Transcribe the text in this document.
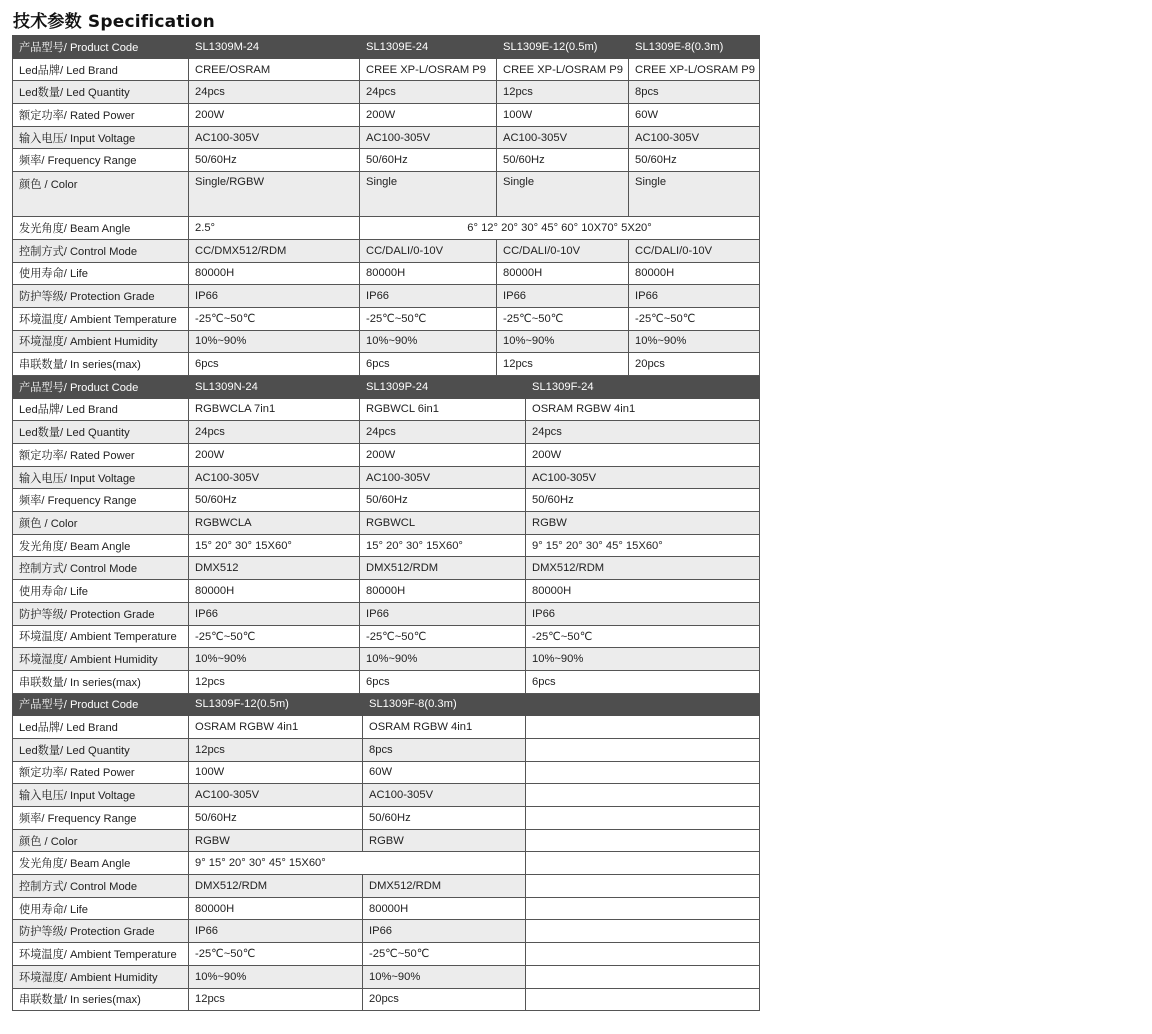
技术参数 Specification
产品型号/ Product Code	SL1309M-24	SL1309E-24		SL1309E-12(0.5m)		SL1309E-8(0.3m)
Led品牌/ Led Brand	CREE/OSRAM	CREE XP-L/OSRAM P9		CREE XP-L/OSRAM P9		CREE XP-L/OSRAM P9
Led数量/ Led Quantity	24pcs	24pcs		12pcs		8pcs
额定功率/ Rated Power	200W	200W		100W		60W
输入电压/ Input Voltage	AC100-305V	AC100-305V		AC100-305V		AC100-305V
频率/ Frequency Range	50/60Hz	50/60Hz		50/60Hz		50/60Hz
颜色 / Color	Single/RGBW	Single		Single		Single
发光角度/ Beam Angle	2.5°	6° 12° 20° 30° 45° 60° 10X70° 5X20°				
控制方式/ Control Mode	CC/DMX512/RDM	CC/DALI/0-10V		CC/DALI/0-10V		CC/DALI/0-10V
使用寿命/ Life	80000H	80000H		80000H		80000H
防护等级/ Protection Grade	IP66	IP66		IP66		IP66
环境温度/ Ambient Temperature	-25℃~50℃	-25℃~50℃		-25℃~50℃		-25℃~50℃
环境湿度/ Ambient Humidity	10%~90%	10%~90%		10%~90%		10%~90%
串联数量/ In series(max)	6pcs	6pcs		12pcs		20pcs
产品型号/ Product Code	SL1309N-24	SL1309P-24			SL1309F-24	
Led品牌/ Led Brand	RGBWCLA 7in1	RGBWCL 6in1			OSRAM RGBW 4in1	
Led数量/ Led Quantity	24pcs	24pcs			24pcs	
额定功率/ Rated Power	200W	200W			200W	
输入电压/ Input Voltage	AC100-305V	AC100-305V			AC100-305V	
频率/ Frequency Range	50/60Hz	50/60Hz			50/60Hz	
颜色 / Color	RGBWCLA	RGBWCL			RGBW	
发光角度/ Beam Angle	15° 20° 30° 15X60°	15° 20° 30° 15X60°			9° 15° 20° 30° 45° 15X60°	
控制方式/ Control Mode	DMX512	DMX512/RDM			DMX512/RDM	
使用寿命/ Life	80000H	80000H			80000H	
防护等级/ Protection Grade	IP66	IP66			IP66	
环境温度/ Ambient Temperature	-25℃~50℃	-25℃~50℃			-25℃~50℃	
环境湿度/ Ambient Humidity	10%~90%	10%~90%			10%~90%	
串联数量/ In series(max)	12pcs	6pcs			6pcs	
产品型号/ Product Code	SL1309F-12(0.5m)		SL1309F-8(0.3m)			
Led品牌/ Led Brand	OSRAM RGBW 4in1		OSRAM RGBW 4in1			
Led数量/ Led Quantity	12pcs		8pcs			
额定功率/ Rated Power	100W		60W			
输入电压/ Input Voltage	AC100-305V		AC100-305V			
频率/ Frequency Range	50/60Hz		50/60Hz			
颜色 / Color	RGBW		RGBW			
发光角度/ Beam Angle	9° 15° 20° 30° 45° 15X60°					
控制方式/ Control Mode	DMX512/RDM		DMX512/RDM			
使用寿命/ Life	80000H		80000H			
防护等级/ Protection Grade	IP66		IP66			
环境温度/ Ambient Temperature	-25℃~50℃		-25℃~50℃			
环境湿度/ Ambient Humidity	10%~90%		10%~90%			
串联数量/ In series(max)	12pcs		20pcs			
